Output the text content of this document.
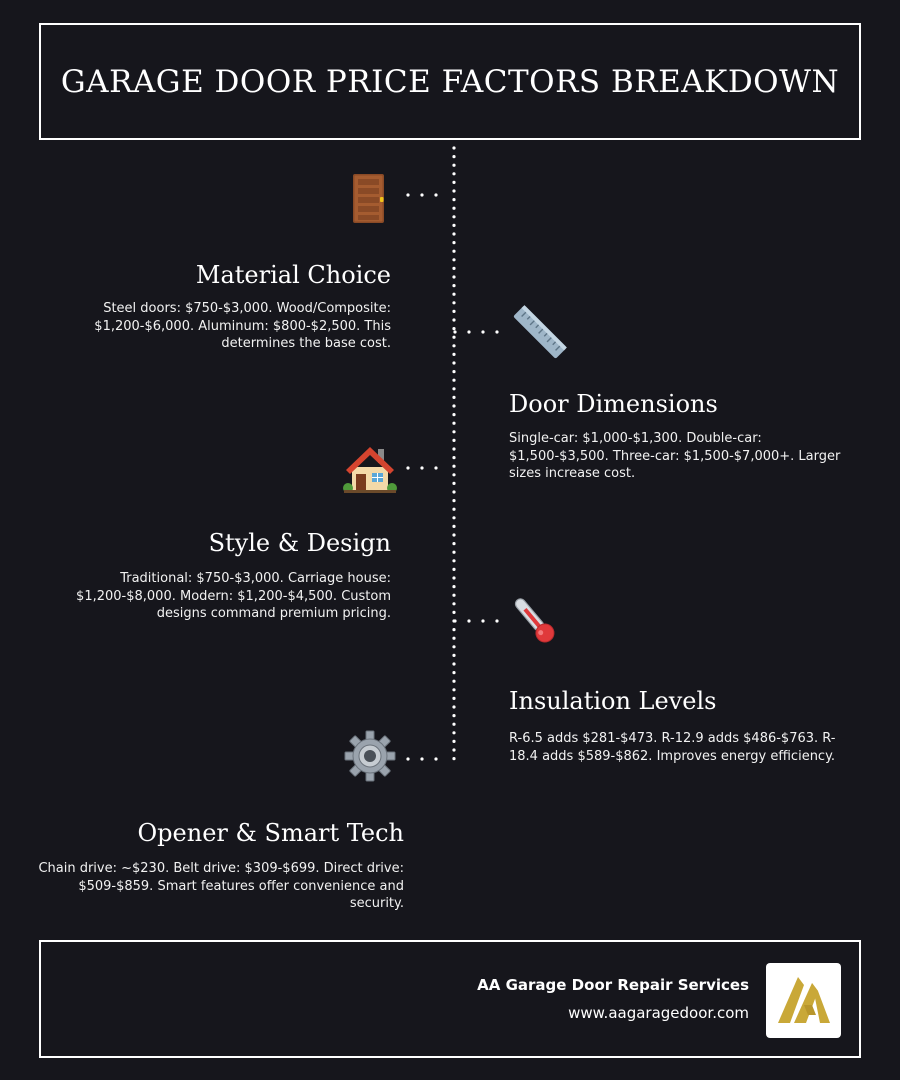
GARAGE DOOR PRICE FACTORS BREAKDOWN
Material Choice

Steel doors: $750-$3,000. Wood/Composite:
$1,200-$6,000. Aluminum: $800-$2,500. This
determines the base cost.

Door Dimensions

Single-car: $1,000-$1,300. Double-car:
$1,500-$3,500. Three-car: $1,500-$7,000+. Larger
sizes increase cost.

Style & Design

Traditional: $750-$3,000. Carriage house:
$1,200-$8,000. Modern: $1,200-$4,500. Custom
designs command premium pricing.

Insulation Levels

R-6.5 adds $281-$473. R-12.9 adds $486-$763. R-
18.4 adds $589-$862. Improves energy efficiency.

Opener & Smart Tech

Chain drive: ~$230. Belt drive: $309-$699. Direct drive:
$509-$859. Smart features offer convenience and
security.

AA Garage Door Repair Services
www.aagaragedoor.com
